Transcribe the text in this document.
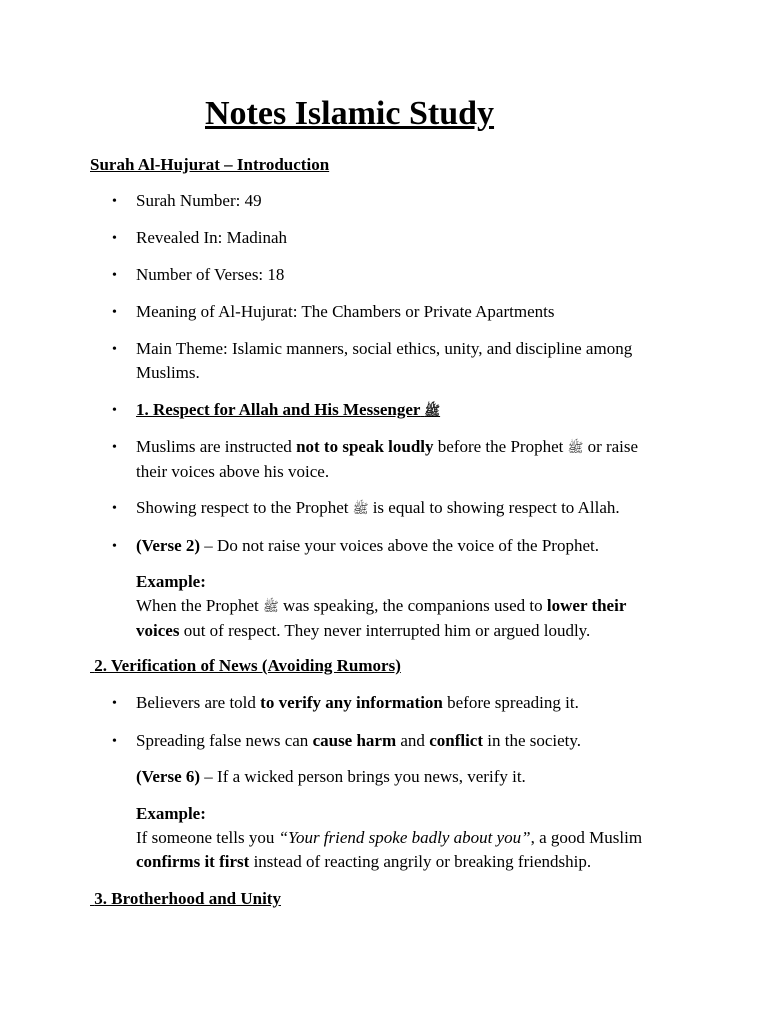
Notes Islamic Study

Surah Al-Hujurat – Introduction

•	Surah Number: 49

•	Revealed In: Madinah

•	Number of Verses: 18

•	Meaning of Al-Hujurat: The Chambers or Private Apartments

•	Main Theme: Islamic manners, social ethics, unity, and discipline among Muslims.

•	1. Respect for Allah and His Messenger ﷺ

•	Muslims are instructed not to speak loudly before the Prophet ﷺ or raise their voices above his voice.

•	Showing respect to the Prophet ﷺ is equal to showing respect to Allah.

•	(Verse 2) – Do not raise your voices above the voice of the Prophet.

Example:

When the Prophet ﷺ was speaking, the companions used to lower their voices out of respect. They never interrupted him or argued loudly.

2. Verification of News (Avoiding Rumors)

•	Believers are told to verify any information before spreading it.

•	Spreading false news can cause harm and conflict in the society.

(Verse 6) – If a wicked person brings you news, verify it.

Example:

If someone tells you “Your friend spoke badly about you”, a good Muslim confirms it first instead of reacting angrily or breaking friendship.

3. Brotherhood and Unity
